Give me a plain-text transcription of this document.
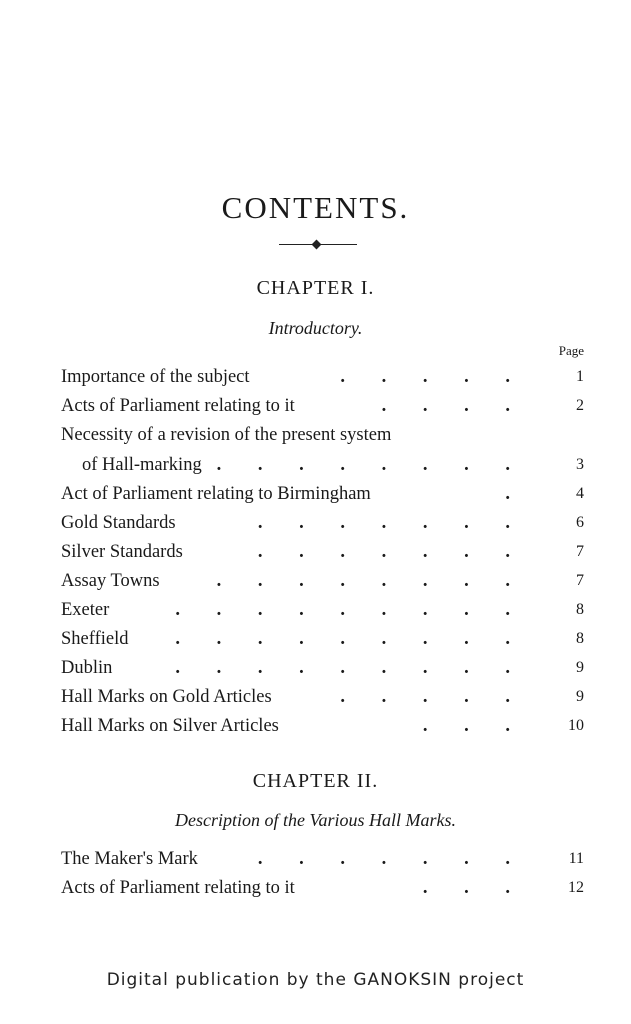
CONTENTS.
CHAPTER I.
Introductory.
Page
Importance of the subject	. . . . .	1
Acts of Parliament relating to it	. . . .	2
Necessity of a revision of the present system
of Hall-marking . . . . . . . .	3
Act of Parliament relating to Birmingham	.	4
Gold Standards	. . . . . . .	6
Silver Standards	. . . . . . .	7
Assay Towns	. . . . . . . .	7
Exeter	. . . . . . . . .	8
Sheffield	. . . . . . . . .	8
Dublin	. . . . . . . . .	9
Hall Marks on Gold Articles	. . . . .	9
Hall Marks on Silver Articles	. . .	10
CHAPTER II.
Description of the Various Hall Marks.
The Maker's Mark	. . . . . . .	11
Acts of Parliament relating to it	. . .	12
Digital publication by the GANOKSIN project
